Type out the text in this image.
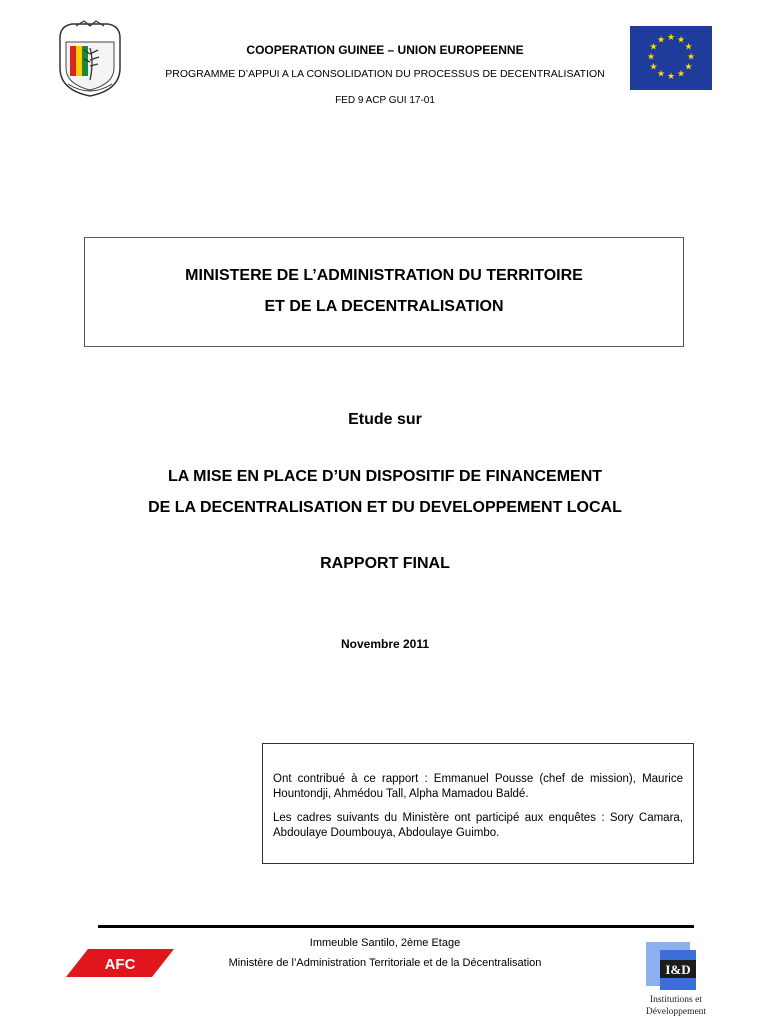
★ ★
★
★
★
★
★
★
★
★
★
★
COOPERATION GUINEE – UNION EUROPEENNE
PROGRAMME D’APPUI A LA CONSOLIDATION DU PROCESSUS DE DECENTRALISATION
FED 9 ACP GUI 17-01
MINISTERE DE L’ADMINISTRATION DU TERRITOIRE
ET DE LA DECENTRALISATION
Etude sur
LA MISE EN PLACE D’UN DISPOSITIF DE FINANCEMENT
DE LA DECENTRALISATION ET DU DEVELOPPEMENT LOCAL
RAPPORT FINAL
Novembre 2011

Ont contribué à ce rapport : Emmanuel Pousse (chef de mission), Maurice Hountondji, Ahmédou Tall, Alpha Mamadou Baldé.

Les cadres suivants du Ministère ont participé aux enquêtes : Sory Camara, Abdoulaye Doumbouya, Abdoulaye Guimbo.

Immeuble Santilo, 2ème Etage
Ministère de l’Administration Territoriale et de la Décentralisation
AFC	I&D
Institutions et
Développement
